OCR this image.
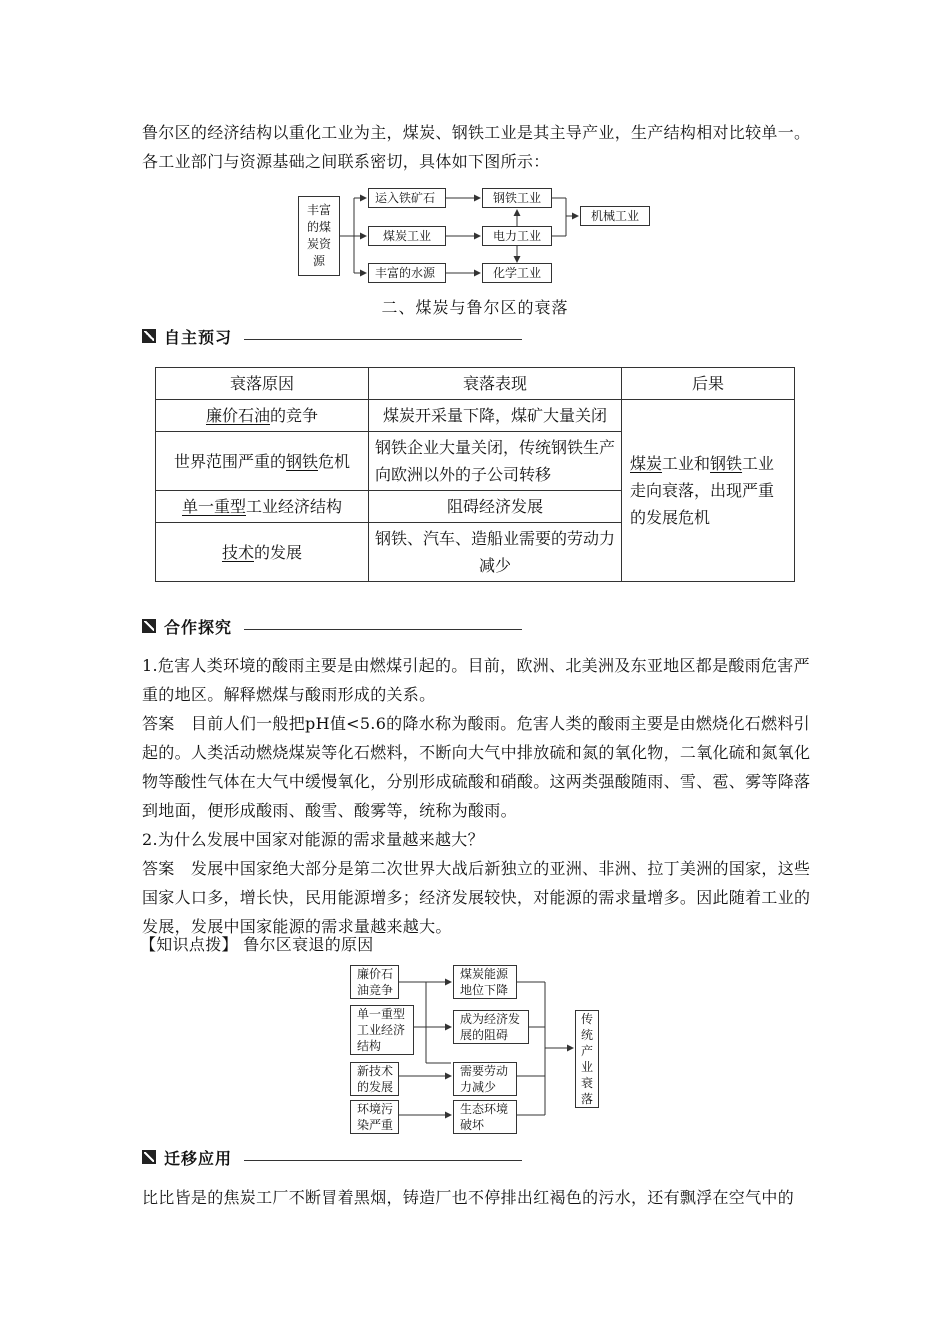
鲁尔区的经济结构以重化工业为主，煤炭、钢铁工业是其主导产业，生产结构相对比较单一。
各工业部门与资源基础之间联系密切，具体如下图所示：
丰富的煤炭资源
运入铁矿石
煤炭工业
丰富的水源
钢铁工业
电力工业
化学工业
机械工业
二、煤炭与鲁尔区的衰落
自主预习
衰落原因	衰落表现	后果
廉价石油的竞争	煤炭开采量下降，煤矿大量关闭	煤炭工业和钢铁工业走向衰落，出现严重的发展危机
世界范围严重的钢铁危机	钢铁企业大量关闭，传统钢铁生产向欧洲以外的子公司转移	
单一重型工业经济结构	阻碍经济发展	
技术的发展	钢铁、汽车、造船业需要的劳动力减少	
合作探究
1.危害人类环境的酸雨主要是由燃煤引起的。目前，欧洲、北美洲及东亚地区都是酸雨危害严重的地区。解释燃煤与酸雨形成的关系。
答案　 目前人们一般把pH值<5.6的降水称为酸雨。危害人类的酸雨主要是由燃烧化石燃料引起的。人类活动燃烧煤炭等化石燃料，不断向大气中排放硫和氮的氧化物，二氧化硫和氮氧化物等酸性气体在大气中缓慢氧化，分别形成硫酸和硝酸。这两类强酸随雨、雪、雹、雾等降落到地面，便形成酸雨、酸雪、酸雾等，统称为酸雨。
2.为什么发展中国家对能源的需求量越来越大？
答案　 发展中国家绝大部分是第二次世界大战后新独立的亚洲、非洲、拉丁美洲的国家，这些国家人口多，增长快，民用能源增多；经济发展较快，对能源的需求量增多。因此随着工业的发展，发展中国家能源的需求量越来越大。
【知识点拨】 鲁尔区衰退的原因
廉价石油竞争
单一重型工业经济结构
新技术的发展
环境污染严重
煤炭能源地位下降
成为经济发展的阻碍
需要劳动力减少
生态环境破坏
传统产业衰落
迁移应用
比比皆是的焦炭工厂不断冒着黑烟，铸造厂也不停排出红褐色的污水，还有飘浮在空气中的
